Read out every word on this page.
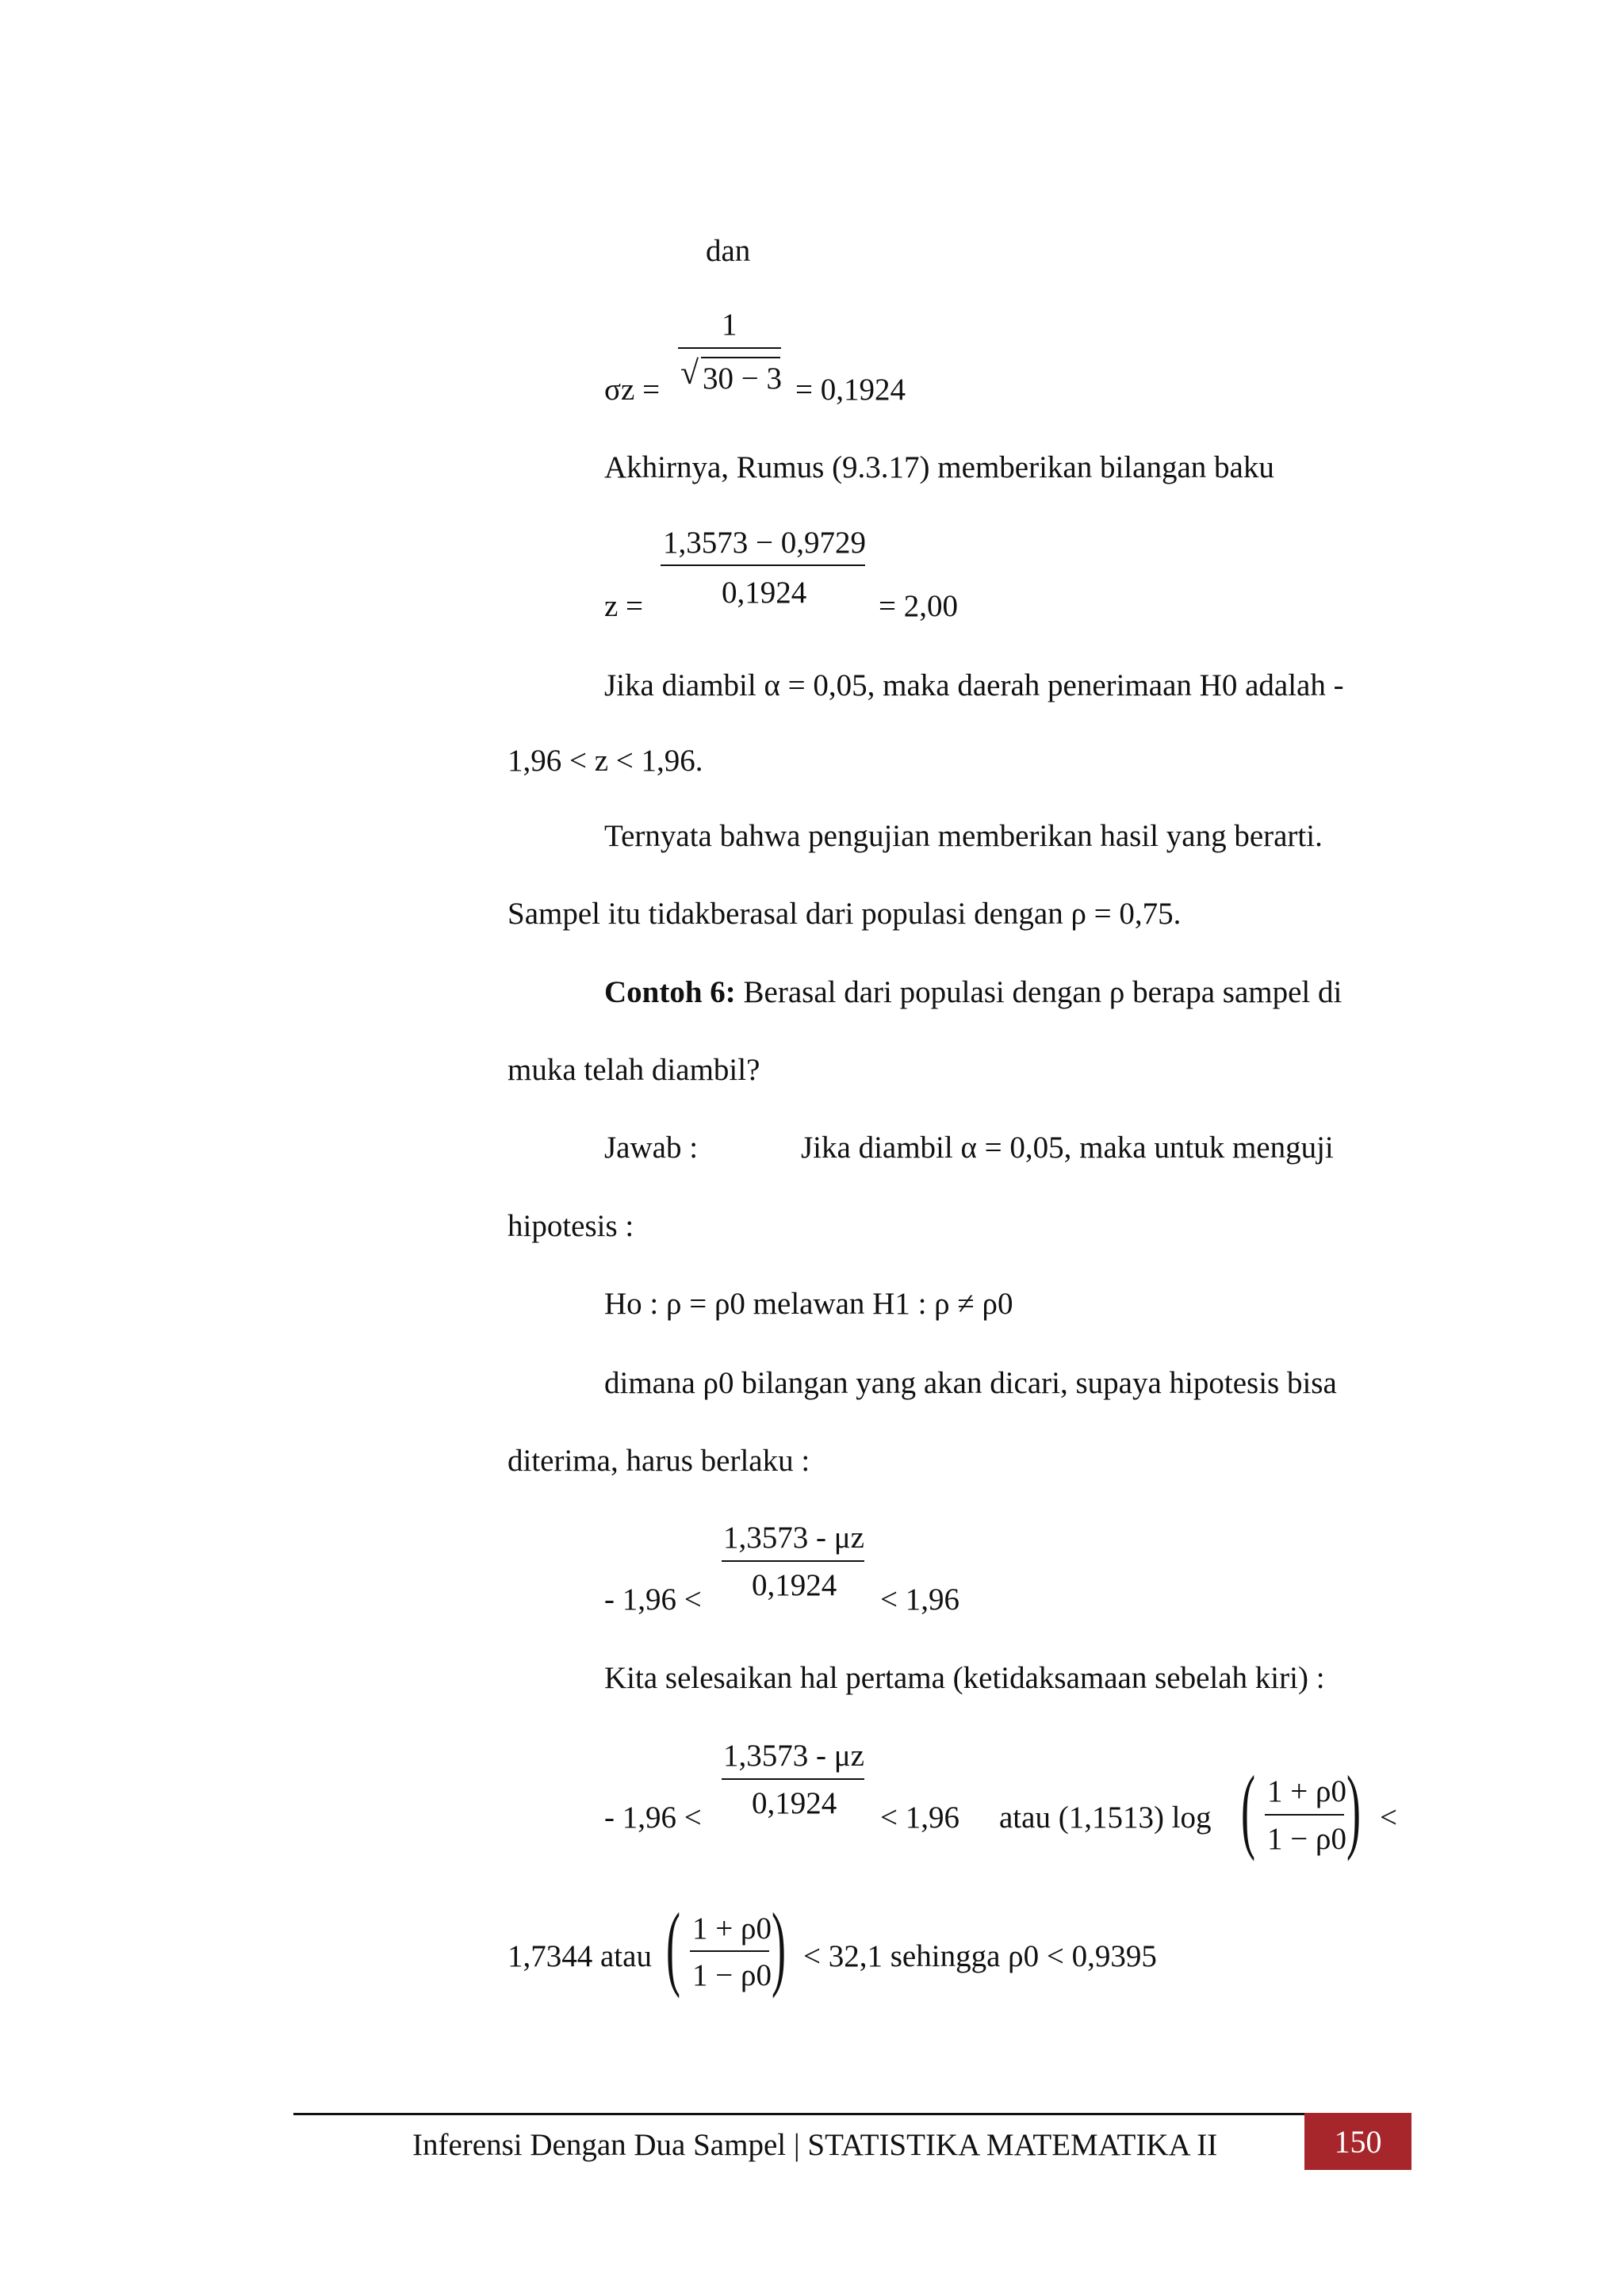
dan
1
√ 30 − 3
σz =	= 0,1924
Akhirnya, Rumus (9.3.17) memberikan bilangan baku
1,3573 − 0,9729
0,1924
z =	= 2,00
Jika diambil α = 0,05, maka daerah penerimaan H0 adalah -
1,96 < z < 1,96.
Ternyata bahwa pengujian memberikan hasil yang berarti.
Sampel itu tidakberasal dari populasi dengan ρ = 0,75.
Contoh 6: Berasal dari populasi dengan ρ berapa sampel di
muka telah diambil?
Jawab :	Jika diambil α = 0,05, maka untuk menguji
hipotesis :
Ho : ρ = ρ0 melawan H1 : ρ ≠ ρ0
dimana ρ0 bilangan yang akan dicari, supaya hipotesis bisa
diterima, harus berlaku :
1,3573 - μz
0,1924
- 1,96 <	< 1,96
Kita selesaikan hal pertama (ketidaksamaan sebelah kiri) :
1,3573 - μz
0,1924
- 1,96 <	< 1,96 atau (1,1513) log ( 1 + ρ0
1 − ρ0 ) <
1,7344 atau ( 1 + ρ0
1 − ρ0 ) < 32,1 sehingga ρ0 < 0,9395
Inferensi Dengan Dua Sampel | STATISTIKA MATEMATIKA II	150
